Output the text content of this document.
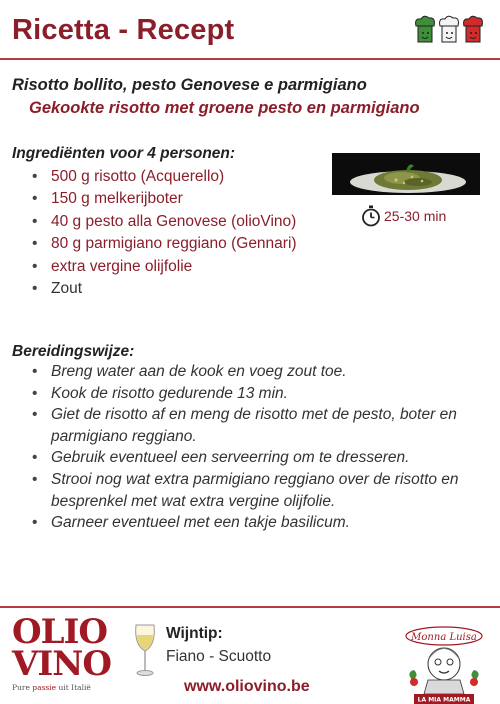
Ricetta - Recept
Risotto bollito, pesto Genovese e parmigiano
Gekookte risotto met groene pesto en parmigiano
Ingrediënten voor 4 personen:
• 500 g risotto (Acquerello)
• 150 g melkerijboter
• 40 g pesto alla Genovese (olioVino)
• 80 g parmigiano reggiano (Gennari)
• extra vergine olijfolie
• Zout
25-30 min
Bereidingswijze:
• Breng water aan de kook en voeg zout toe.
• Kook de risotto gedurende 13 min.
• Giet de risotto af en meng de risotto met de pesto, boter en parmigiano reggiano.
• Gebruik eventueel een serveerring om te dresseren.
• Strooi nog wat extra parmigiano reggiano over de risotto en besprenkel met wat extra vergine olijfolie.
• Garneer eventueel met een takje basilicum.
OLIO
VINO
Pure passie uit Italië
Wijntip:
Fiano - Scuotto
www.oliovino.be
Monna Luisa
LA MIA MAMMA
